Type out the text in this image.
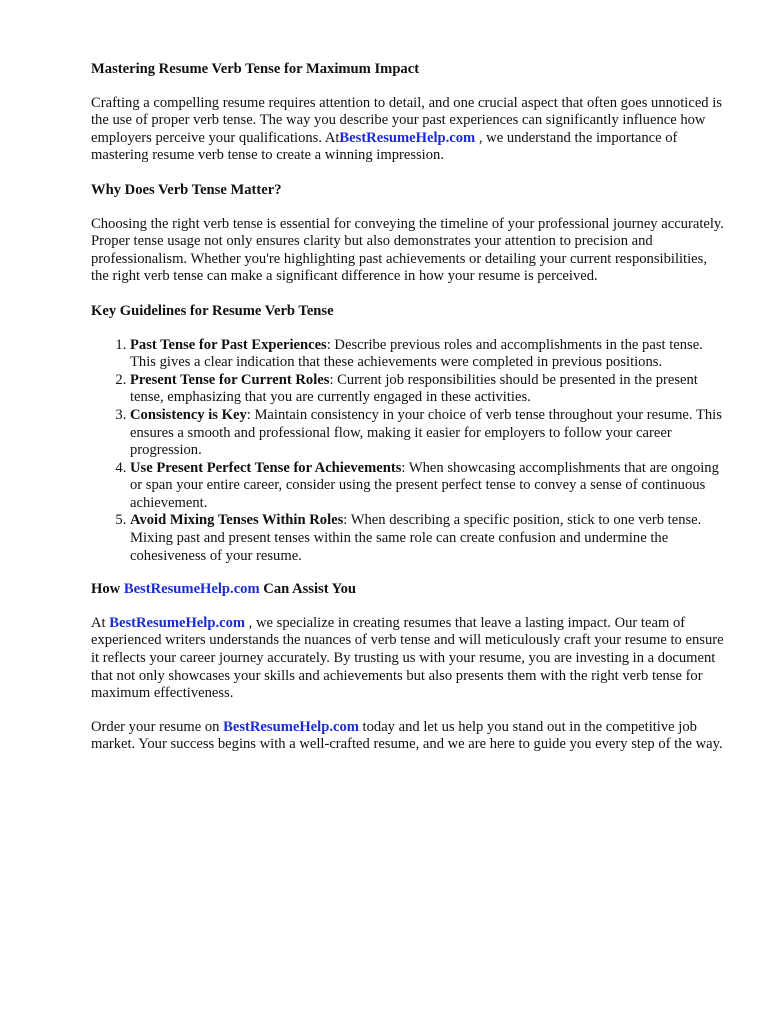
Mastering Resume Verb Tense for Maximum Impact

Crafting a compelling resume requires attention to detail, and one crucial aspect that often goes unnoticed is the use of proper verb tense. The way you describe your past experiences can significantly influence how employers perceive your qualifications. AtBestResumeHelp.com , we understand the importance of mastering resume verb tense to create a winning impression.

Why Does Verb Tense Matter?

Choosing the right verb tense is essential for conveying the timeline of your professional journey accurately. Proper tense usage not only ensures clarity but also demonstrates your attention to precision and professionalism. Whether you're highlighting past achievements or detailing your current responsibilities, the right verb tense can make a significant difference in how your resume is perceived.

Key Guidelines for Resume Verb Tense
1. Past Tense for Past Experiences: Describe previous roles and accomplishments in the past tense. This gives a clear indication that these achievements were completed in previous positions.
2. Present Tense for Current Roles: Current job responsibilities should be presented in the present tense, emphasizing that you are currently engaged in these activities.
3. Consistency is Key: Maintain consistency in your choice of verb tense throughout your resume. This ensures a smooth and professional flow, making it easier for employers to follow your career progression.
4. Use Present Perfect Tense for Achievements: When showcasing accomplishments that are ongoing or span your entire career, consider using the present perfect tense to convey a sense of continuous achievement.
5. Avoid Mixing Tenses Within Roles: When describing a specific position, stick to one verb tense. Mixing past and present tenses within the same role can create confusion and undermine the cohesiveness of your resume.
How BestResumeHelp.com Can Assist You

At BestResumeHelp.com , we specialize in creating resumes that leave a lasting impact. Our team of experienced writers understands the nuances of verb tense and will meticulously craft your resume to ensure it reflects your career journey accurately. By trusting us with your resume, you are investing in a document that not only showcases your skills and achievements but also presents them with the right verb tense for maximum effectiveness.

Order your resume on BestResumeHelp.com today and let us help you stand out in the competitive job market. Your success begins with a well-crafted resume, and we are here to guide you every step of the way.
